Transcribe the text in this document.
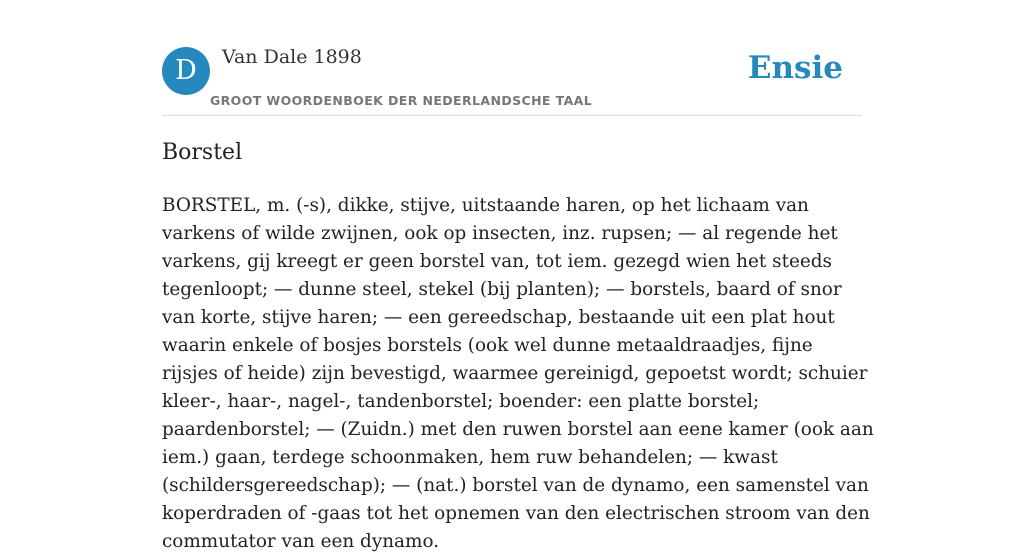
D	Van Dale 1898
GROOT WOORDENBOEK DER NEDERLANDSCHE TAAL
Ensie
Borstel

BORSTEL, m. (-s), dikke, stijve, uitstaande haren, op het lichaam van varkens of wilde zwijnen, ook op insecten, inz. rupsen; — al regende het varkens, gij kreegt er geen borstel van, tot iem. gezegd wien het steeds tegenloopt; — dunne steel, stekel (bij planten); — borstels, baard of snor van korte, stijve haren; — een gereedschap, bestaande uit een plat hout waarin enkele of bosjes borstels (ook wel dunne metaaldraadjes, fijne rijsjes of heide) zijn bevestigd, waarmee gereinigd, gepoetst wordt; schuier kleer-, haar-, nagel-, tandenborstel; boender: een platte borstel; paardenborstel; — (Zuidn.) met den ruwen borstel aan eene kamer (ook aan iem.) gaan, terdege schoonmaken, hem ruw behandelen; — kwast (schildersgereedschap); — (nat.) borstel van de dynamo, een samenstel van koperdraden of -gaas tot het opnemen van den electrischen stroom van den commutator van een dynamo.
